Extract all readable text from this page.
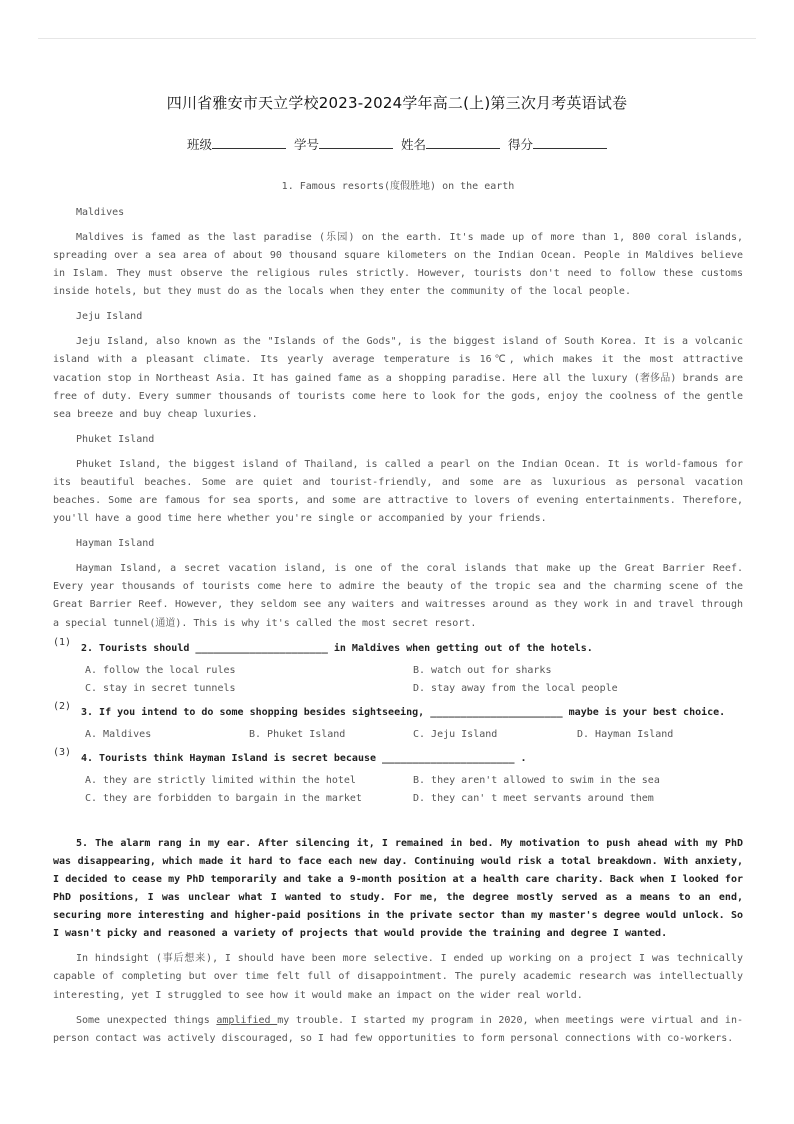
四川省雅安市天立学校2023-2024学年高二(上)第三次月考英语试卷
班级	学号	姓名	得分
1. Famous resorts(度假胜地) on the earth
Maldives
Maldives is famed as the last paradise (乐园) on the earth. It's made up of more than 1, 800 coral islands, spreading over a sea area of about 90 thousand square kilometers on the Indian Ocean. People in Maldives believe in Islam. They must observe the religious rules strictly. However, tourists don't need to follow these customs inside hotels, but they must do as the locals when they enter the community of the local people.
Jeju Island
Jeju Island, also known as the "Islands of the Gods", is the biggest island of South Korea. It is a volcanic island with a pleasant climate. Its yearly average temperature is 16℃, which makes it the most attractive vacation stop in Northeast Asia. It has gained fame as a shopping paradise. Here all the luxury (奢侈品) brands are free of duty. Every summer thousands of tourists come here to look for the gods, enjoy the coolness of the gentle sea breeze and buy cheap luxuries.
Phuket Island
Phuket Island, the biggest island of Thailand, is called a pearl on the Indian Ocean. It is world-famous for its beautiful beaches. Some are quiet and tourist-friendly, and some are as luxurious as personal vacation beaches. Some are famous for sea sports, and some are attractive to lovers of evening entertainments. Therefore, you'll have a good time here whether you're single or accompanied by your friends.
Hayman Island
Hayman Island, a secret vacation island, is one of the coral islands that make up the Great Barrier Reef. Every year thousands of tourists come here to admire the beauty of the tropic sea and the charming scene of the Great Barrier Reef. However, they seldom see any waiters and waitresses around as they work in and travel through a special tunnel(通道). This is why it's called the most secret resort.
(1)
2. Tourists should ______________________ in Maldives when getting out of the hotels.
A. follow the local rules	B. watch out for sharks
C. stay in secret tunnels	D. stay away from the local people
(2)
3. If you intend to do some shopping besides sightseeing, ______________________ maybe is your best choice.
A. Maldives	B. Phuket Island	C. Jeju Island	D. Hayman Island
(3)
4. Tourists think Hayman Island is secret because ______________________ .
A. they are strictly limited within the hotel	B. they aren't allowed to swim in the sea
C. they are forbidden to bargain in the market	D. they can' t meet servants around them
5. The alarm rang in my ear. After silencing it, I remained in bed. My motivation to push ahead with my PhD was disappearing, which made it hard to face each new day. Continuing would risk a total breakdown. With anxiety, I decided to cease my PhD temporarily and take a 9-month position at a health care charity. Back when I looked for PhD positions, I was unclear what I wanted to study. For me, the degree mostly served as a means to an end, securing more interesting and higher-paid positions in the private sector than my master's degree would unlock. So I wasn't picky and reasoned a variety of projects that would provide the training and degree I wanted.
In hindsight (事后想来), I should have been more selective. I ended up working on a project I was technically capable of completing but over time felt full of disappointment. The purely academic research was intellectually interesting, yet I struggled to see how it would make an impact on the wider real world.
Some unexpected things amplified my trouble. I started my program in 2020, when meetings were virtual and in-person contact was actively discouraged, so I had few opportunities to form personal connections with co-workers.
